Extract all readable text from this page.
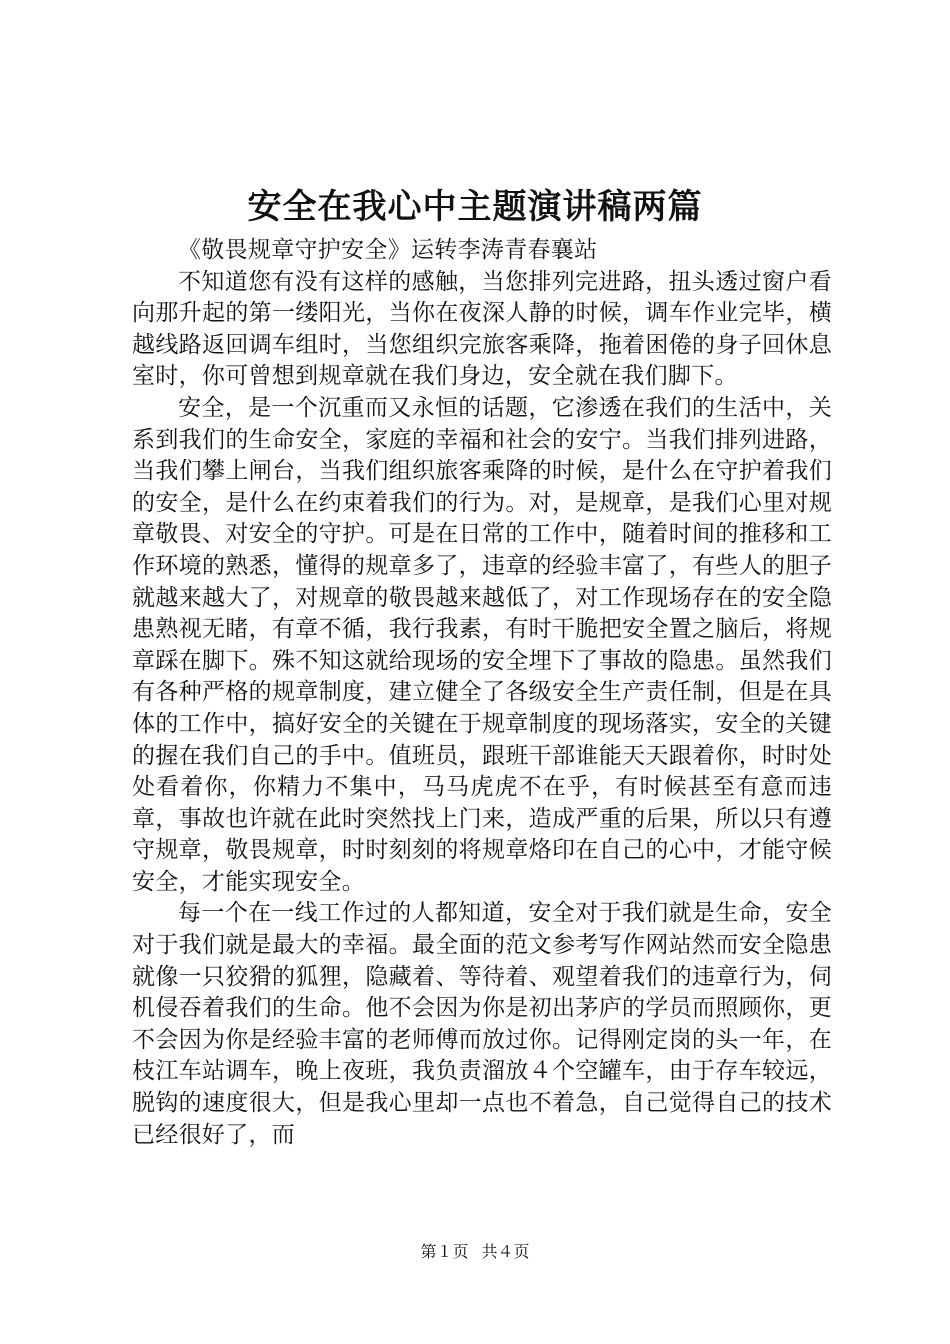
安全在我心中主题演讲稿两篇

《敬畏规章守护安全》运转李涛青春襄站

不知道您有没有这样的感触，当您排列完进路，扭头透过窗户看向那升起的第一缕阳光，当你在夜深人静的时候，调车作业完毕，横越线路返回调车组时，当您组织完旅客乘降，拖着困倦的身子回休息室时，你可曾想到规章就在我们身边，安全就在我们脚下。

安全，是一个沉重而又永恒的话题，它渗透在我们的生活中，关系到我们的生命安全，家庭的幸福和社会的安宁。当我们排列进路，当我们攀上闸台，当我们组织旅客乘降的时候，是什么在守护着我们的安全，是什么在约束着我们的行为。对，是规章，是我们心里对规章敬畏、对安全的守护。可是在日常的工作中，随着时间的推移和工作环境的熟悉，懂得的规章多了，违章的经验丰富了，有些人的胆子就越来越大了，对规章的敬畏越来越低了，对工作现场存在的安全隐患熟视无睹，有章不循，我行我素，有时干脆把安全置之脑后，将规章踩在脚下。殊不知这就给现场的安全埋下了事故的隐患。虽然我们有各种严格的规章制度，建立健全了各级安全生产责任制，但是在具体的工作中，搞好安全的关键在于规章制度的现场落实，安全的关键的握在我们自己的手中。值班员，跟班干部谁能天天跟着你，时时处处看着你，你精力不集中，马马虎虎不在乎，有时候甚至有意而违章，事故也许就在此时突然找上门来，造成严重的后果，所以只有遵守规章，敬畏规章，时时刻刻的将规章烙印在自己的心中，才能守候安全，才能实现安全。

每一个在一线工作过的人都知道，安全对于我们就是生命，安全对于我们就是最大的幸福。最全面的范文参考写作网站然而安全隐患就像一只狡猾的狐狸，隐藏着、等待着、观望着我们的违章行为，伺机侵吞着我们的生命。他不会因为你是初出茅庐的学员而照顾你，更不会因为你是经验丰富的老师傅而放过你。记得刚定岗的头一年，在枝江车站调车，晚上夜班，我负责溜放４个空罐车，由于存车较远，脱钩的速度很大，但是我心里却一点也不着急，自己觉得自己的技术已经很好了，而

第１页 共４页
